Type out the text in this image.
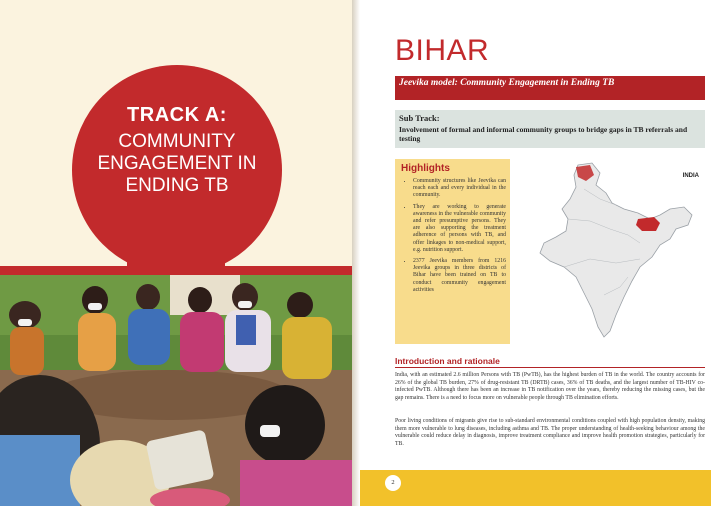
TRACK A:
COMMUNITY ENGAGEMENT IN ENDING TB
BIHAR
Jeevika model: Community Engagement in Ending TB
Sub Track:
Involvement of formal and informal community groups to bridge gaps in TB referrals and testing
Highlights
• Community structures like Jeevika can reach each and every individual in the community.
• They are working to generate awareness in the vulnerable community and refer presumptive persons. They are also supporting the treatment adherence of persons with TB, and offer linkages to non-medical support, e.g. nutrition support.
• 2377 Jeevika members from 1216 Jeevika groups in three districts of Bihar have been trained on TB to conduct community engagement activities
INDIA
Introduction and rationale

India, with an estimated 2.6 million Persons with TB (PwTB), has the highest burden of TB in the world. The country accounts for 26% of the global TB burden, 27% of drug-resistant TB (DRTB) cases, 36% of TB deaths, and the largest number of TB-HIV co-infected PwTB. Although there has been an increase in TB notification over the years, thereby reducing the missing cases, but the gap remains. There is a need to focus more on vulnerable people through TB elimination efforts.

Poor living conditions of migrants give rise to sub-standard environmental conditions coupled with high population density, making them more vulnerable to lung diseases, including asthma and TB. The proper understanding of health-seeking behaviour among the vulnerable could reduce delay in diagnosis, improve treatment compliance and improve health promotion strategies, particularly for TB.

2
